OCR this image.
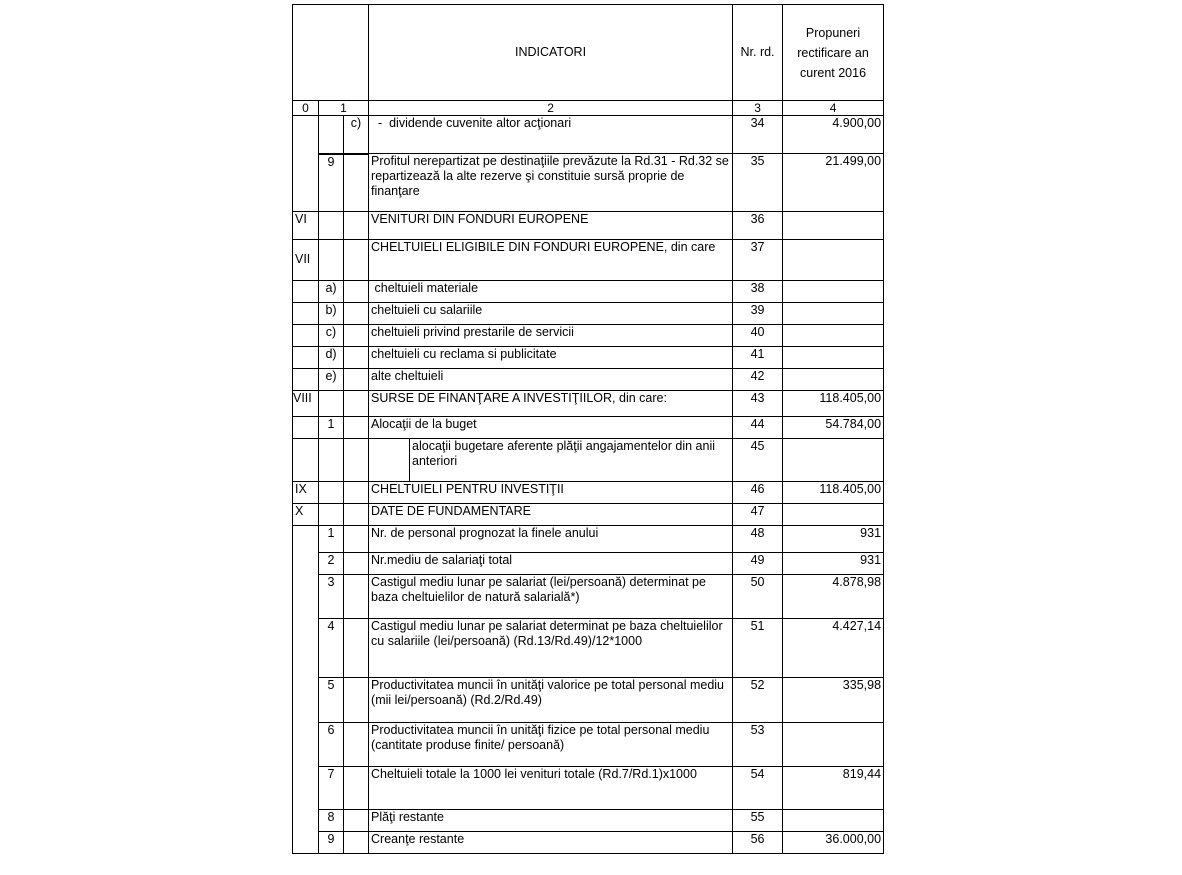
			INDICATORI	Nr. rd.	Propuneri rectificare an curent 2016
0	1		2	3	4
		c)	-  dividende cuvenite altor acţionari	34	4.900,00
	9		Profitul nerepartizat pe destinaţiile prevăzute la Rd.31 - Rd.32 se repartizează la alte rezerve şi constituie sursă proprie de finanţare	35	21.499,00
VI			VENITURI DIN FONDURI EUROPENE	36	
VII			CHELTUIELI ELIGIBILE DIN FONDURI EUROPENE, din care	37	
	a)		cheltuieli materiale	38	
	b)		cheltuieli cu salariile	39	
	c)		cheltuieli privind prestarile de servicii	40	
	d)		cheltuieli cu reclama si publicitate	41	
	e)		alte cheltuieli	42	
VIII			SURSE DE FINANŢARE A INVESTIŢIILOR, din care:	43	118.405,00
	1		Alocaţii de la buget	44	54.784,00

			alocaţii bugetare aferente plăţii angajamentelor din anii anteriori	45	
IX			CHELTUIELI PENTRU INVESTIŢII	46	118.405,00
X			DATE DE FUNDAMENTARE	47	
	1		Nr. de personal prognozat la finele anului	48	931
	2		Nr.mediu de salariaţi total	49	931
	3		Castigul mediu lunar pe salariat (lei/persoană) determinat pe baza cheltuielilor de natură salarială*)	50	4.878,98
	4		Castigul mediu lunar pe salariat determinat pe baza cheltuielilor cu salariile (lei/persoană) (Rd.13/Rd.49)/12*1000	51	4.427,14
	5		Productivitatea muncii în unităţi valorice pe total personal mediu (mii lei/persoană) (Rd.2/Rd.49)	52	335,98
	6		Productivitatea muncii în unităţi fizice pe total personal mediu (cantitate produse finite/ persoană)	53	
	7		Cheltuieli totale la 1000 lei venituri totale (Rd.7/Rd.1)x1000	54	819,44
	8		Plăţi restante	55	
	9		Creanţe restante	56	36.000,00
